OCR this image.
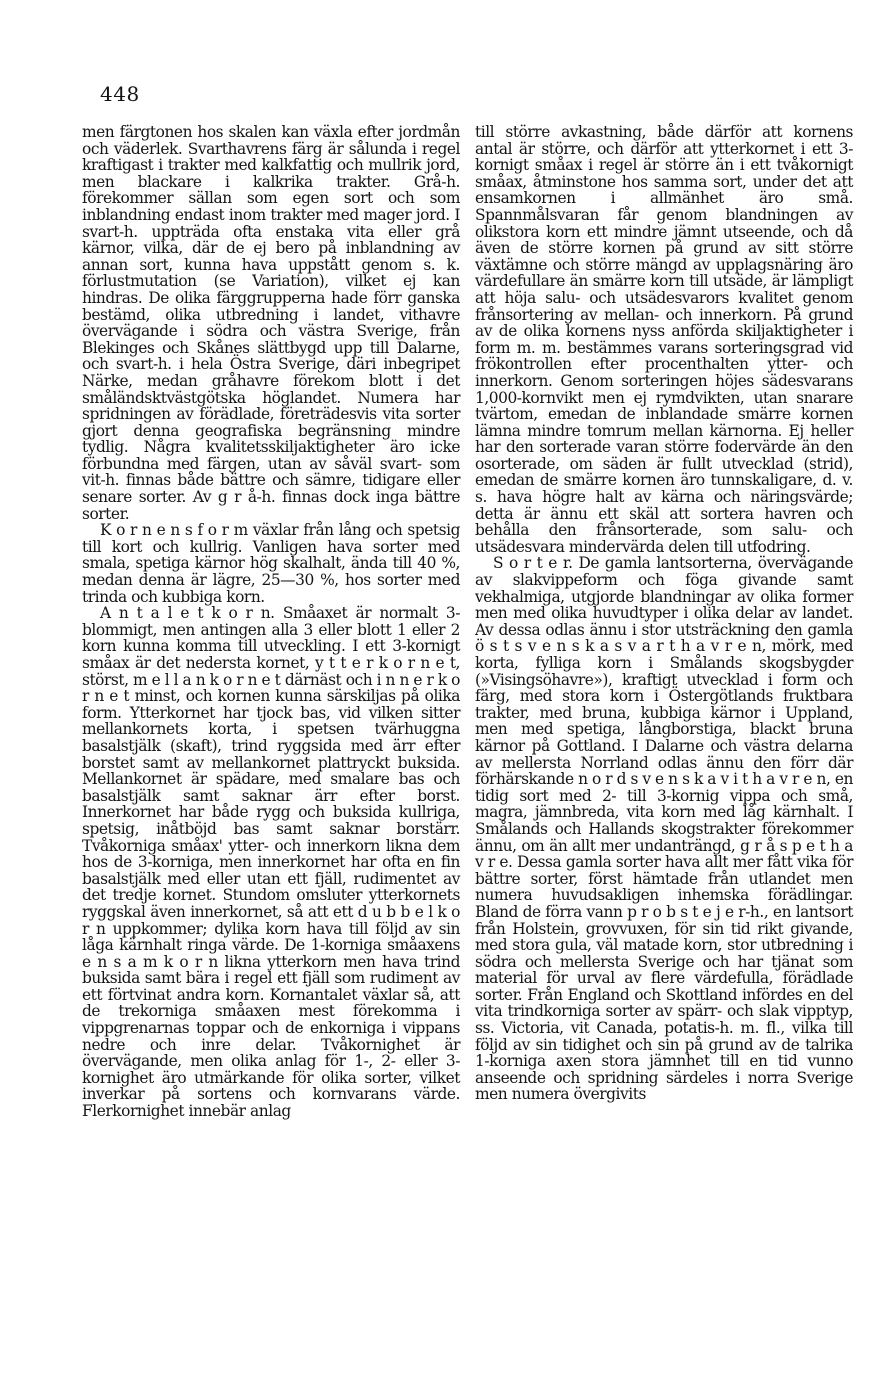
448

men färgtonen hos skalen kan växla efter jordmån och väderlek. Svarthavrens färg är sålunda i regel kraftigast i trakter med kalkfattig och mullrik jord, men blackare i kalkrika trakter. Grå-h. förekommer sällan som egen sort och som inblandning endast inom trakter med mager jord. I svart-h. uppträda ofta enstaka vita eller grå kärnor, vilka, där de ej bero på inblandning av annan sort, kunna hava uppstått genom s. k. förlustmutation (se Variation), vilket ej kan hindras. De olika färggrupperna hade förr ganska bestämd, olika utbredning i landet, vithavre övervägande i södra och västra Sverige, från Blekinges och Skånes slättbygd upp till Dalarne, och svart-h. i hela Östra Sverige, däri inbegripet Närke, medan gråhavre förekom blott i det småländsktvästgötska höglandet. Numera har spridningen av förädlade, företrädesvis vita sorter gjort denna geografiska begränsning mindre tydlig. Några kvalitetsskiljaktigheter äro icke förbundna med färgen, utan av såväl svart- som vit-h. finnas både bättre och sämre, tidigare eller senare sorter. Av g r å-h. finnas dock inga bättre sorter.

K o r n e n s f o r m växlar från lång och spetsig till kort och kullrig. Vanligen hava sorter med smala, spetiga kärnor hög skalhalt, ända till 40 %, medan denna är lägre, 25—30 %, hos sorter med trinda och kubbiga korn.

A n t a l e t k o r n. Småaxet är normalt 3-blommigt, men antingen alla 3 eller blott 1 eller 2 korn kunna komma till utveckling. I ett 3-kornigt småax är det nedersta kornet, y t t e r k o r n e t, störst, m e l l a n k o r n e t därnäst och i n n e r k o r n e t minst, och kornen kunna särskiljas på olika form. Ytterkornet har tjock bas, vid vilken sitter mellankornets korta, i spetsen tvärhuggna basalstjälk (skaft), trind ryggsida med ärr efter borstet samt av mellankornet plattryckt buksida. Mellankornet är spädare, med smalare bas och basalstjälk samt saknar ärr efter borst. Innerkornet har både rygg och buksida kullriga, spetsig, inåtböjd bas samt saknar borstärr. Tvåkorniga småax' ytter- och innerkorn likna dem hos de 3-korniga, men innerkornet har ofta en fin basalstjälk med eller utan ett fjäll, rudimentet av det tredje kornet. Stundom omsluter ytterkornets ryggskal även innerkornet, så att ett d u b b e l k o r n uppkommer; dylika korn hava till följd av sin låga kärnhalt ringa värde. De 1-korniga småaxens e n s a m k o r n likna ytterkorn men hava trind buksida samt bära i regel ett fjäll som rudiment av ett förtvinat andra korn. Kornantalet växlar så, att de trekorniga småaxen mest förekomma i vippgrenarnas toppar och de enkorniga i vippans nedre och inre delar. Tvåkornighet är övervägande, men olika anlag för 1-, 2- eller 3-kornighet äro utmärkande för olika sorter, vilket inverkar på sortens och kornvarans värde. Flerkornighet innebär anlag

till större avkastning, både därför att kornens antal är större, och därför att ytterkornet i ett 3-kornigt småax i regel är större än i ett tvåkornigt småax, åtminstone hos samma sort, under det att ensamkornen i allmänhet äro små. Spannmålsvaran får genom blandningen av olikstora korn ett mindre jämnt utseende, och då även de större kornen på grund av sitt större växtämne och större mängd av upplagsnäring äro värdefullare än smärre korn till utsäde, är lämpligt att höja salu- och utsädesvarors kvalitet genom frånsortering av mellan- och innerkorn. På grund av de olika kornens nyss anförda skiljaktigheter i form m. m. bestämmes varans sorteringsgrad vid frökontrollen efter procenthalten ytter- och innerkorn. Genom sorteringen höjes sädesvarans 1,000-kornvikt men ej rymdvikten, utan snarare tvärtom, emedan de inblandade smärre kornen lämna mindre tomrum mellan kärnorna. Ej heller har den sorterade varan större fodervärde än den osorterade, om säden är fullt utvecklad (strid), emedan de smärre kornen äro tunnskaligare, d. v. s. hava högre halt av kärna och näringsvärde; detta är ännu ett skäl att sortera havren och behålla den frånsorterade, som salu- och utsädesvara mindervärda delen till utfodring.

S o r t e r. De gamla lantsorterna, övervägande av slakvippeform och föga givande samt vekhalmiga, utgjorde blandningar av olika former men med olika huvudtyper i olika delar av landet. Av dessa odlas ännu i stor utsträckning den gamla ö s t s v e n s k a s v a r t h a v r e n, mörk, med korta, fylliga korn i Smålands skogsbygder (»Visingsöhavre»), kraftigt utvecklad i form och färg, med stora korn i Östergötlands fruktbara trakter, med bruna, kubbiga kärnor i Uppland, men med spetiga, långborstiga, blackt bruna kärnor på Gottland. I Dalarne och västra delarna av mellersta Norrland odlas ännu den förr där förhärskande n o r d s v e n s k a v i t h a v r e n, en tidig sort med 2- till 3-kornig vippa och små, magra, jämnbreda, vita korn med låg kärnhalt. I Smålands och Hallands skogstrakter förekommer ännu, om än allt mer undanträngd, g r å s p e t h a v r e. Dessa gamla sorter hava allt mer fått vika för bättre sorter, först hämtade från utlandet men numera huvudsakligen inhemska förädlingar. Bland de förra vann p r o b s t e j e r-h., en lantsort från Holstein, grovvuxen, för sin tid rikt givande, med stora gula, väl matade korn, stor utbredning i södra och mellersta Sverige och har tjänat som material för urval av flere värdefulla, förädlade sorter. Från England och Skottland infördes en del vita trindkorniga sorter av spärr- och slak vipptyp, ss. Victoria, vit Canada, potatis-h. m. fl., vilka till följd av sin tidighet och sin på grund av de talrika 1-korniga axen stora jämnhet till en tid vunno anseende och spridning särdeles i norra Sverige men numera övergivits
